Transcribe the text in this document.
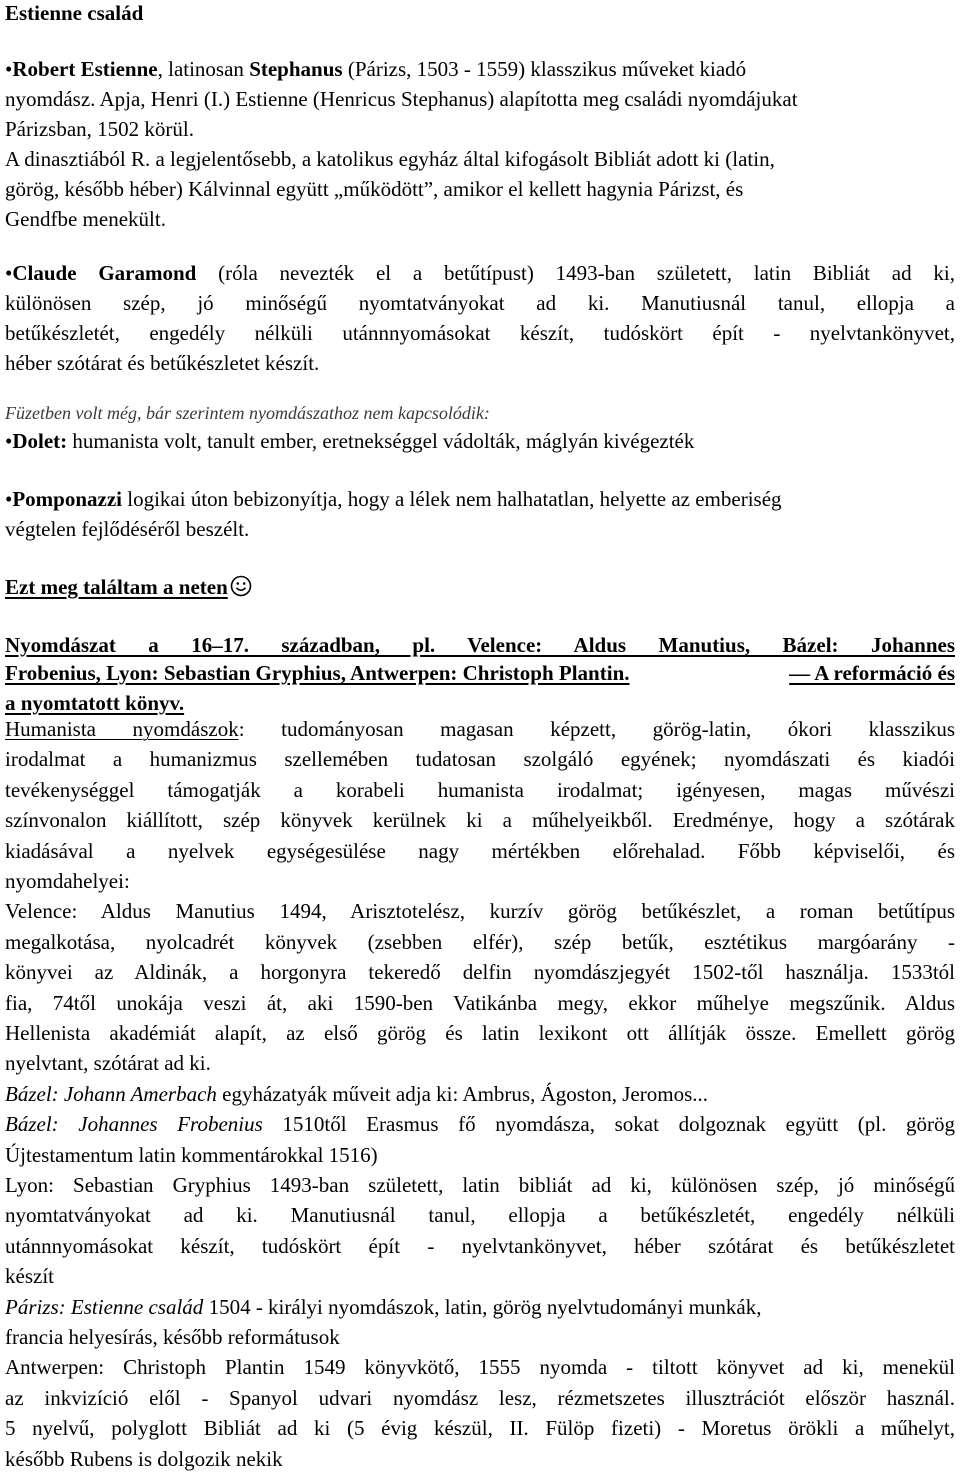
Estienne család
•Robert Estienne, latinosan Stephanus (Párizs, 1503 - 1559) klasszikus műveket kiadó
nyomdász. Apja, Henri (I.) Estienne (Henricus Stephanus) alapította meg családi nyomdájukat
Párizsban, 1502 körül.
A dinasztiából R. a legjelentősebb, a katolikus egyház által kifogásolt Bibliát adott ki (latin,
görög, később héber) Kálvinnal együtt „működött”, amikor el kellett hagynia Párizst, és
Gendfbe menekült.
•Claude Garamond (róla nevezték el a betűtípust) 1493-ban született, latin Bibliát ad ki,
különösen szép, jó minőségű nyomtatványokat ad ki. Manutiusnál tanul, ellopja a
betűkészletét, engedély nélküli utánnnyomásokat készít, tudóskört épít - nyelvtankönyvet,
héber szótárat és betűkészletet készít.
Füzetben volt még, bár szerintem nyomdászathoz nem kapcsolódik:
•Dolet: humanista volt, tanult ember, eretnekséggel vádolták, máglyán kivégezték
•Pomponazzi logikai úton bebizonyítja, hogy a lélek nem halhatatlan, helyette az emberiség
végtelen fejlődéséről beszélt.
Ezt meg találtam a neten
Nyomdászat a 16–17. században, pl. Velence: Aldus Manutius, Bázel: Johannes
Frobenius, Lyon: Sebastian Gryphius, Antwerpen: Christoph Plantin.	— A reformáció és
a nyomtatott könyv.
Humanista nyomdászok: tudományosan magasan képzett, görög-latin, ókori klasszikus
irodalmat a humanizmus szellemében tudatosan szolgáló egyének; nyomdászati és kiadói
tevékenységgel támogatják a korabeli humanista irodalmat; igényesen, magas művészi
színvonalon kiállított, szép könyvek kerülnek ki a műhelyeikből. Eredménye, hogy a szótárak
kiadásával a nyelvek egységesülése nagy mértékben előrehalad. Főbb képviselői, és
nyomdahelyei:
Velence: Aldus Manutius 1494, Arisztotelész, kurzív görög betűkészlet, a roman betűtípus
megalkotása, nyolcadrét könyvek (zsebben elfér), szép betűk, esztétikus margóarány -
könyvei az Aldinák, a horgonyra tekeredő delfin nyomdászjegyét 1502-től használja. 1533tól
fia, 74től unokája veszi át, aki 1590-ben Vatikánba megy, ekkor műhelye megszűnik. Aldus
Hellenista akadémiát alapít, az első görög és latin lexikont ott állítják össze. Emellett görög
nyelvtant, szótárat ad ki.
Bázel: Johann Amerbach egyházatyák műveit adja ki: Ambrus, Ágoston, Jeromos...
Bázel: Johannes Frobenius 1510től Erasmus fő nyomdásza, sokat dolgoznak együtt (pl. görög
Újtestamentum latin kommentárokkal 1516)
Lyon: Sebastian Gryphius 1493-ban született, latin bibliát ad ki, különösen szép, jó minőségű
nyomtatványokat ad ki. Manutiusnál tanul, ellopja a betűkészletét, engedély nélküli
utánnnyomásokat készít, tudóskört épít - nyelvtankönyvet, héber szótárat és betűkészletet
készít
Párizs: Estienne család 1504 - királyi nyomdászok, latin, görög nyelvtudományi munkák,
francia helyesírás, később reformátusok
Antwerpen: Christoph Plantin 1549 könyvkötő, 1555 nyomda - tiltott könyvet ad ki, menekül
az inkvizíció elől - Spanyol udvari nyomdász lesz, rézmetszetes illusztrációt először használ.
5 nyelvű, polyglott Bibliát ad ki (5 évig készül, II. Fülöp fizeti) - Moretus örökli a műhelyt,
később Rubens is dolgozik nekik
